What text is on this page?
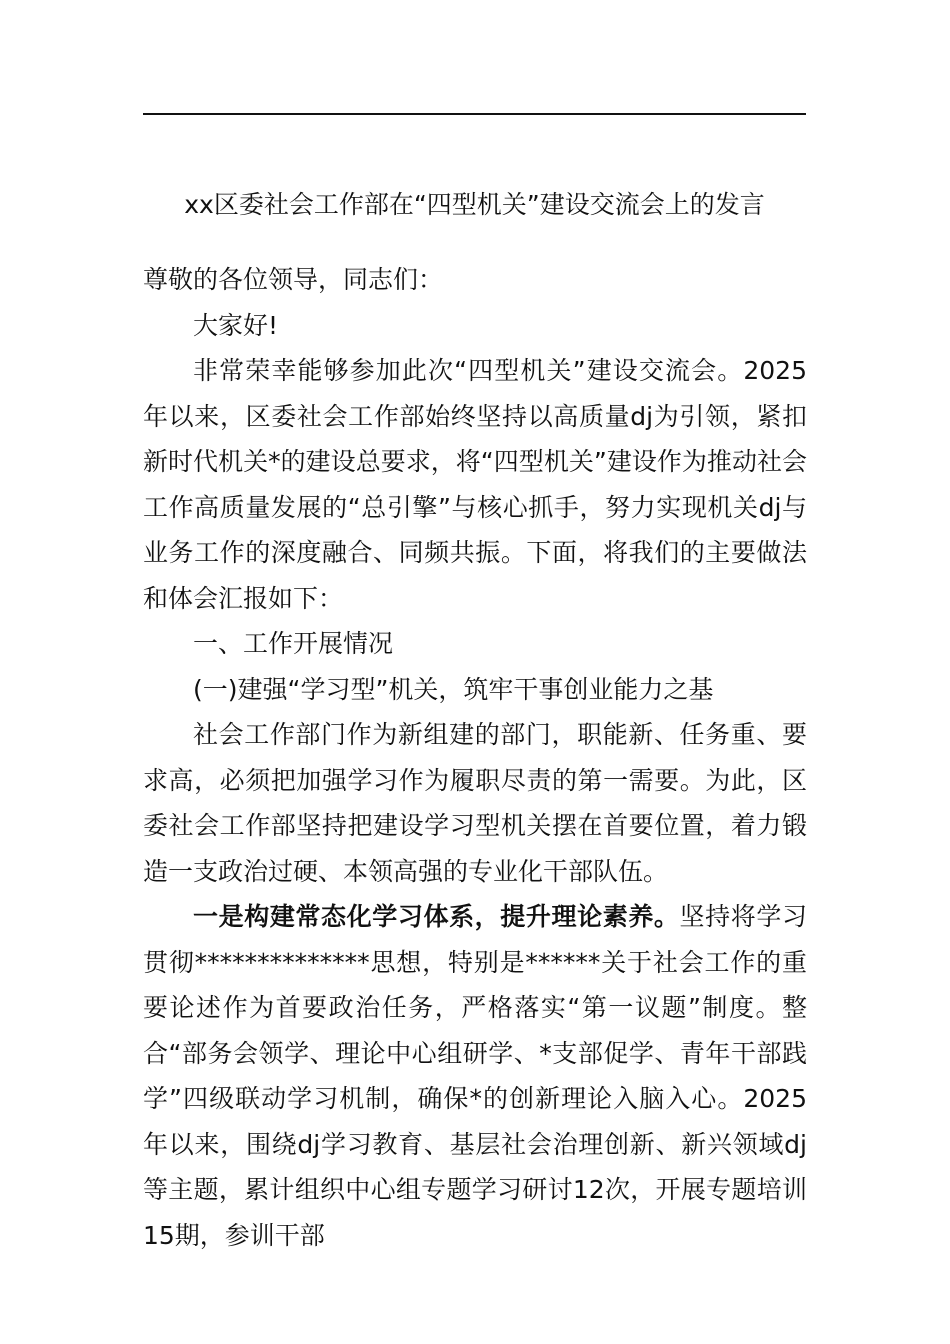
xx区委社会工作部在“四型机关”建设交流会上的发言

尊敬的各位领导，同志们：

大家好!

非常荣幸能够参加此次“四型机关”建设交流会。2025年以来，区委社会工作部始终坚持以高质量dj为引领，紧扣新时代机关*的建设总要求，将“四型机关”建设作为推动社会工作高质量发展的“总引擎”与核心抓手，努力实现机关dj与业务工作的深度融合、同频共振。下面，将我们的主要做法和体会汇报如下：

一、工作开展情况

(一)建强“学习型”机关，筑牢干事创业能力之基

社会工作部门作为新组建的部门，职能新、任务重、要求高，必须把加强学习作为履职尽责的第一需要。为此，区委社会工作部坚持把建设学习型机关摆在首要位置，着力锻造一支政治过硬、本领高强的专业化干部队伍。

一是构建常态化学习体系，提升理论素养。坚持将学习贯彻**************思想，特别是******关于社会工作的重要论述作为首要政治任务，严格落实“第一议题”制度。整合“部务会领学、理论中心组研学、*支部促学、青年干部践学”四级联动学习机制，确保*的创新理论入脑入心。2025年以来，围绕dj学习教育、基层社会治理创新、新兴领域dj等主题，累计组织中心组专题学习研讨12次，开展专题培训15期，参训干部
